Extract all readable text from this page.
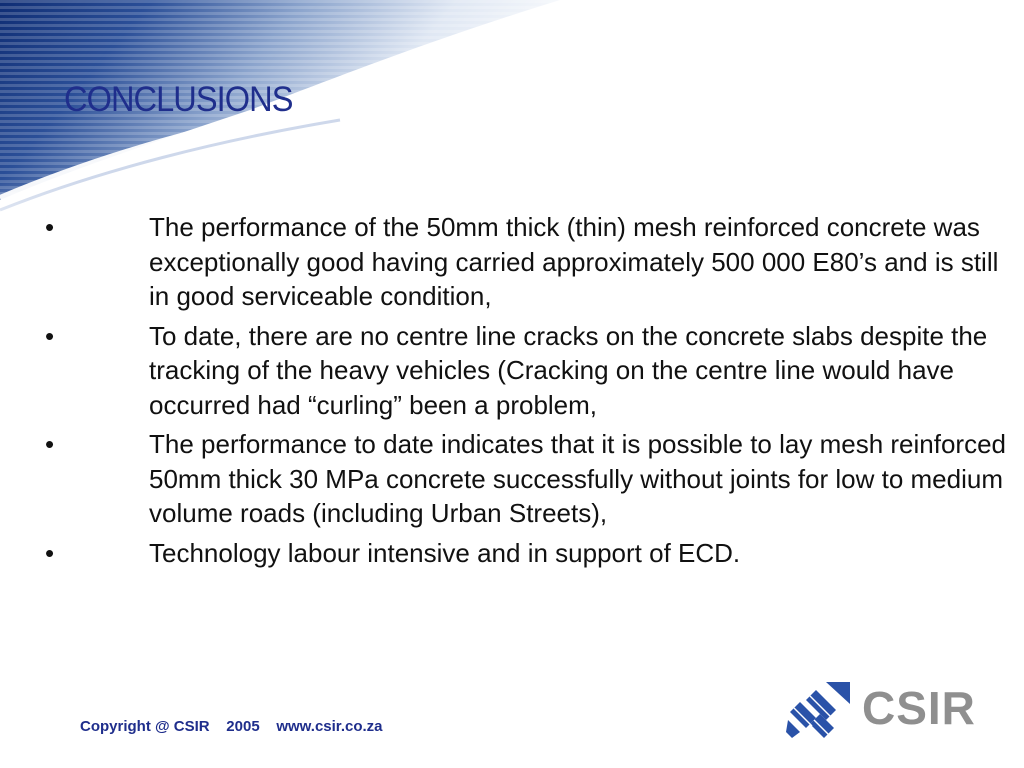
CONCLUSIONS
•	The performance of the 50mm thick (thin) mesh reinforced concrete was exceptionally good having carried approximately 500 000 E80’s and is still in good serviceable condition,
•	To date, there are no centre line cracks on the concrete slabs despite the tracking of the heavy vehicles (Cracking on the centre line would have occurred had “curling” been a problem,
•	The performance to date indicates that it is possible to lay mesh reinforced 50mm thick 30 MPa concrete successfully without joints for low to medium volume roads (including Urban Streets),
•	Technology labour intensive and in support of ECD.
Copyright @ CSIR 2005 www.csir.co.za	CSIR
